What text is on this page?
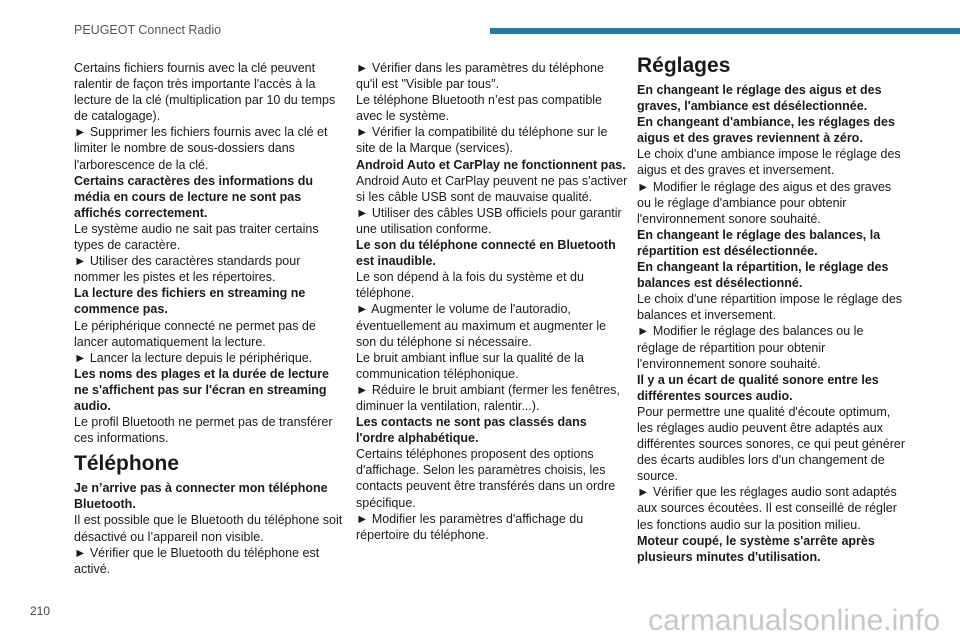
PEUGEOT Connect Radio

Certains fichiers fournis avec la clé peuvent ralentir de façon très importante l'accès à la lecture de la clé (multiplication par 10 du temps de catalogage).

► Supprimer les fichiers fournis avec la clé et limiter le nombre de sous-dossiers dans l'arborescence de la clé.

Certains caractères des informations du média en cours de lecture ne sont pas affichés correctement.

Le système audio ne sait pas traiter certains types de caractère.

► Utiliser des caractères standards pour nommer les pistes et les répertoires.

La lecture des fichiers en streaming ne commence pas.

Le périphérique connecté ne permet pas de lancer automatiquement la lecture.

► Lancer la lecture depuis le périphérique.

Les noms des plages et la durée de lecture ne s'affichent pas sur l'écran en streaming audio.

Le profil Bluetooth ne permet pas de transférer ces informations.

Téléphone

Je n’arrive pas à connecter mon téléphone Bluetooth.

Il est possible que le Bluetooth du téléphone soit désactivé ou l’appareil non visible.

► Vérifier que le Bluetooth du téléphone est activé.

► Vérifier dans les paramètres du téléphone qu'il est "Visible par tous".

Le téléphone Bluetooth n’est pas compatible avec le système.

► Vérifier la compatibilité du téléphone sur le site de la Marque (services).

Android Auto et CarPlay ne fonctionnent pas.

Android Auto et CarPlay peuvent ne pas s'activer si les câble USB sont de mauvaise qualité.

► Utiliser des câbles USB officiels pour garantir une utilisation conforme.

Le son du téléphone connecté en Bluetooth est inaudible.

Le son dépend à la fois du système et du téléphone.

► Augmenter le volume de l'autoradio, éventuellement au maximum et augmenter le son du téléphone si nécessaire.

Le bruit ambiant influe sur la qualité de la communication téléphonique.

► Réduire le bruit ambiant (fermer les fenêtres, diminuer la ventilation, ralentir...).

Les contacts ne sont pas classés dans l'ordre alphabétique.

Certains téléphones proposent des options d'affichage. Selon les paramètres choisis, les contacts peuvent être transférés dans un ordre spécifique.

► Modifier les paramètres d'affichage du répertoire du téléphone.

Réglages

En changeant le réglage des aigus et des graves, l'ambiance est désélectionnée.

En changeant d'ambiance, les réglages des aigus et des graves reviennent à zéro.

Le choix d'une ambiance impose le réglage des aigus et des graves et inversement.

► Modifier le réglage des aigus et des graves ou le réglage d'ambiance pour obtenir l'environnement sonore souhaité.

En changeant le réglage des balances, la répartition est désélectionnée.

En changeant la répartition, le réglage des balances est désélectionné.

Le choix d'une répartition impose le réglage des balances et inversement.

► Modifier le réglage des balances ou le réglage de répartition pour obtenir l'environnement sonore souhaité.

Il y a un écart de qualité sonore entre les différentes sources audio.

Pour permettre une qualité d'écoute optimum, les réglages audio peuvent être adaptés aux différentes sources sonores, ce qui peut générer des écarts audibles lors d'un changement de source.

► Vérifier que les réglages audio sont adaptés aux sources écoutées. Il est conseillé de régler les fonctions audio sur la position milieu.

Moteur coupé, le système s'arrête après plusieurs minutes d'utilisation.

210	carmanualsonline.info
